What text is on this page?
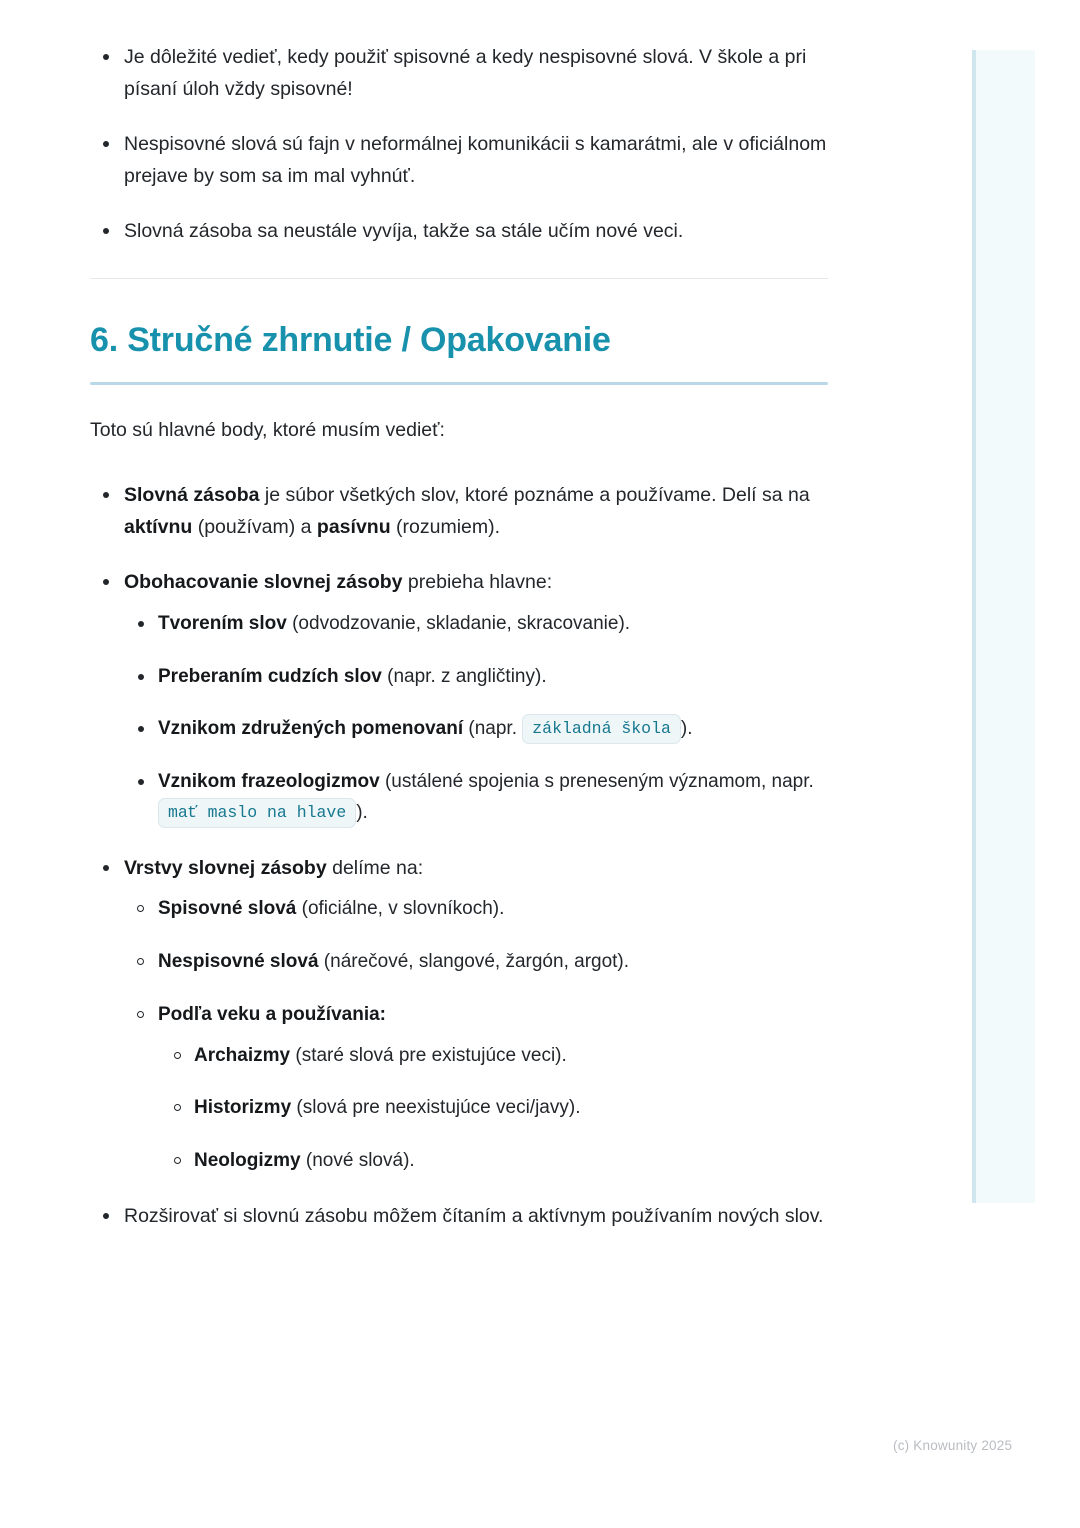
Je dôležité vedieť, kedy použiť spisovné a kedy nespisovné slová. V škole a pri písaní úloh vždy spisovné!
Nespisovné slová sú fajn v neformálnej komunikácii s kamarátmi, ale v oficiálnom prejave by som sa im mal vyhnúť.
Slovná zásoba sa neustále vyvíja, takže sa stále učím nové veci.
6. Stručné zhrnutie / Opakovanie

Toto sú hlavné body, ktoré musím vedieť:

Slovná zásoba je súbor všetkých slov, ktoré poznáme a používame. Delí sa na aktívnu (používam) a pasívnu (rozumiem).
Obohacovanie slovnej zásoby prebieha hlavne:
Tvorením slov (odvodzovanie, skladanie, skracovanie).
Preberaním cudzích slov (napr. z angličtiny).
Vznikom združených pomenovaní (napr. základná škola ).
Vznikom frazeologizmov (ustálené spojenia s preneseným významom, napr. mať maslo na hlave ).
Vrstvy slovnej zásoby delíme na:
Spisovné slová (oficiálne, v slovníkoch).
Nespisovné slová (nárečové, slangové, žargón, argot).
Podľa veku a používania:
Archaizmy (staré slová pre existujúce veci).
Historizmy (slová pre neexistujúce veci/javy).
Neologizmy (nové slová).
Rozširovať si slovnú zásobu môžem čítaním a aktívnym používaním nových slov.
(c) Knowunity 2025
